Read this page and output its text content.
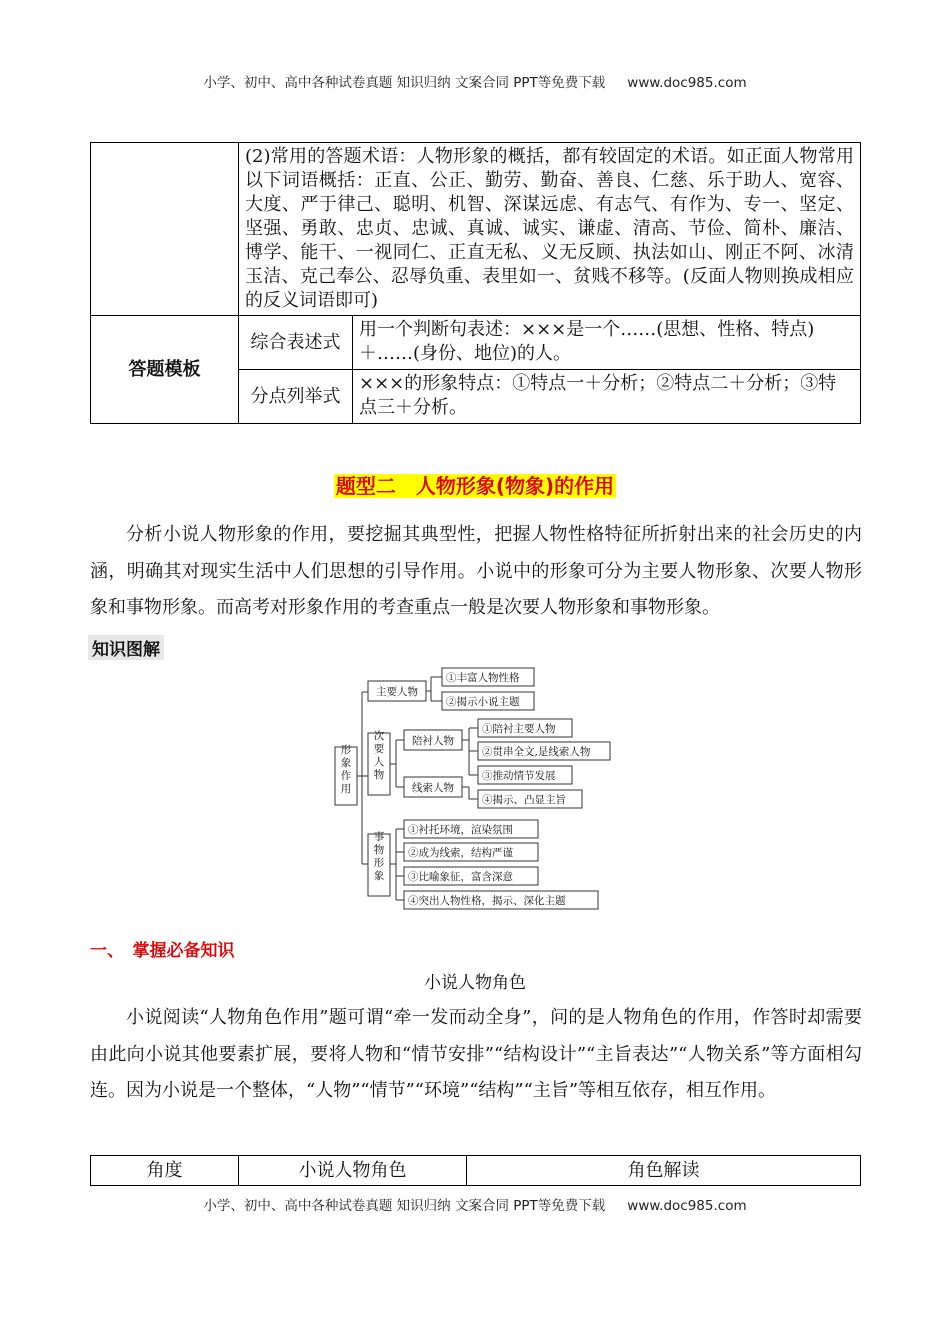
小学、初中、高中各种试卷真题 知识归纳 文案合同 PPT等免费下载 www.doc985.com
小学、初中、高中各种试卷真题 知识归纳 文案合同 PPT等免费下载 www.doc985.com
	(2)常用的答题术语：人物形象的概括，都有较固定的术语。如正面人物常用以下词语概括：正直、公正、勤劳、勤奋、善良、仁慈、乐于助人、宽容、大度、严于律己、聪明、机智、深谋远虑、有志气、有作为、专一、坚定、坚强、勇敢、忠贞、忠诚、真诚、诚实、谦虚、清高、节俭、简朴、廉洁、博学、能干、一视同仁、正直无私、义无反顾、执法如山、刚正不阿、冰清玉洁、克己奉公、忍辱负重、表里如一、贫贱不移等。(反面人物则换成相应的反义词语即可)	
答题模板	综合表述式	用一个判断句表述：×××是一个……(思想、性格、特点)＋……(身份、地位)的人。
	分点列举式	×××的形象特点：①特点一＋分析；②特点二＋分析；③特点三＋分析。
题型二　人物形象(物象)的作用
分析小说人物形象的作用，要挖掘其典型性，把握人物性格特征所折射出来的社会历史的内涵，明确其对现实生活中人们思想的引导作用。小说中的形象可分为主要人物形象、次要人物形象和事物形象。而高考对形象作用的考查重点一般是次要人物形象和事物形象。
知识图解
形象作用
次要人物
事物形象
主要人物
陪衬人物
线索人物
①丰富人物性格
②揭示小说主题
①陪衬主要人物
②贯串全文,是线索人物
③推动情节发展
④揭示、凸显主旨
①衬托环境，渲染氛围
②成为线索，结构严谨
③比喻象征，富含深意
④突出人物性格，揭示、深化主题
一、　掌握必备知识
小说人物角色
小说阅读“人物角色作用”题可谓“牵一发而动全身”，问的是人物角色的作用，作答时却需要由此向小说其他要素扩展，要将人物和“情节安排”“结构设计”“主旨表达”“人物关系”等方面相勾连。因为小说是一个整体，“人物”“情节”“环境”“结构”“主旨”等相互依存，相互作用。
角度	小说人物角色	角色解读
